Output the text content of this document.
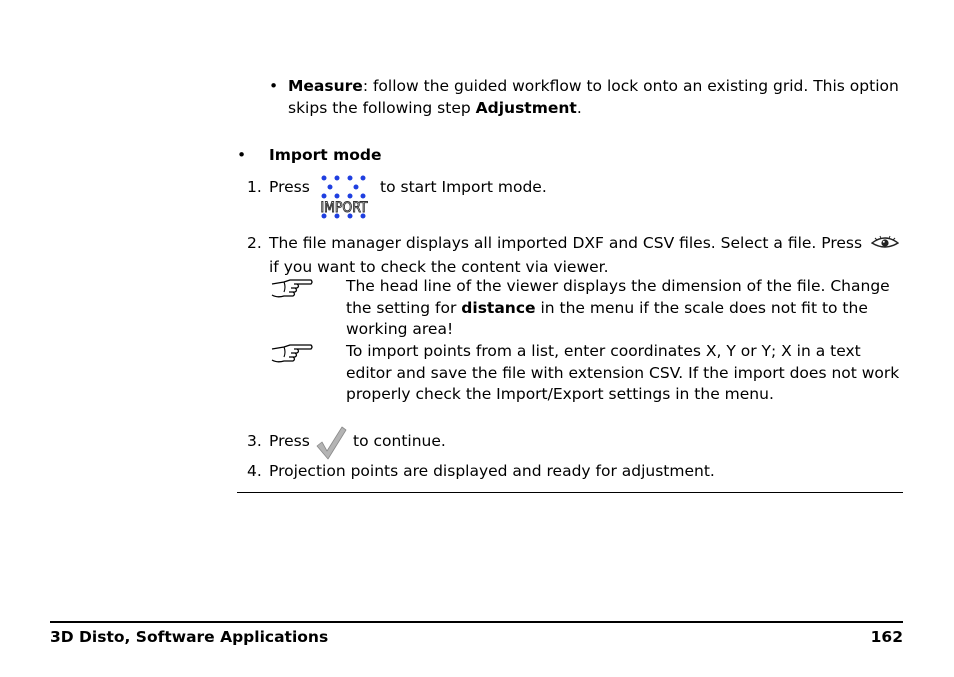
• Measure: follow the guided workflow to lock onto an existing grid. This option
skips the following step Adjustment.
• Import mode
1. Press
IMPORT
to start Import mode.
2. The file manager displays all imported DXF and CSV files. Select a file. Press
if you want to check the content via viewer.
The head line of the viewer displays the dimension of the file. Change
the setting for distance in the menu if the scale does not fit to the
working area!
To import points from a list, enter coordinates X, Y or Y; X in a text
editor and save the file with extension CSV. If the import does not work
properly check the Import/Export settings in the menu.
3. Press	to continue.
4. Projection points are displayed and ready for adjustment.
3D Disto, Software Applications	162
